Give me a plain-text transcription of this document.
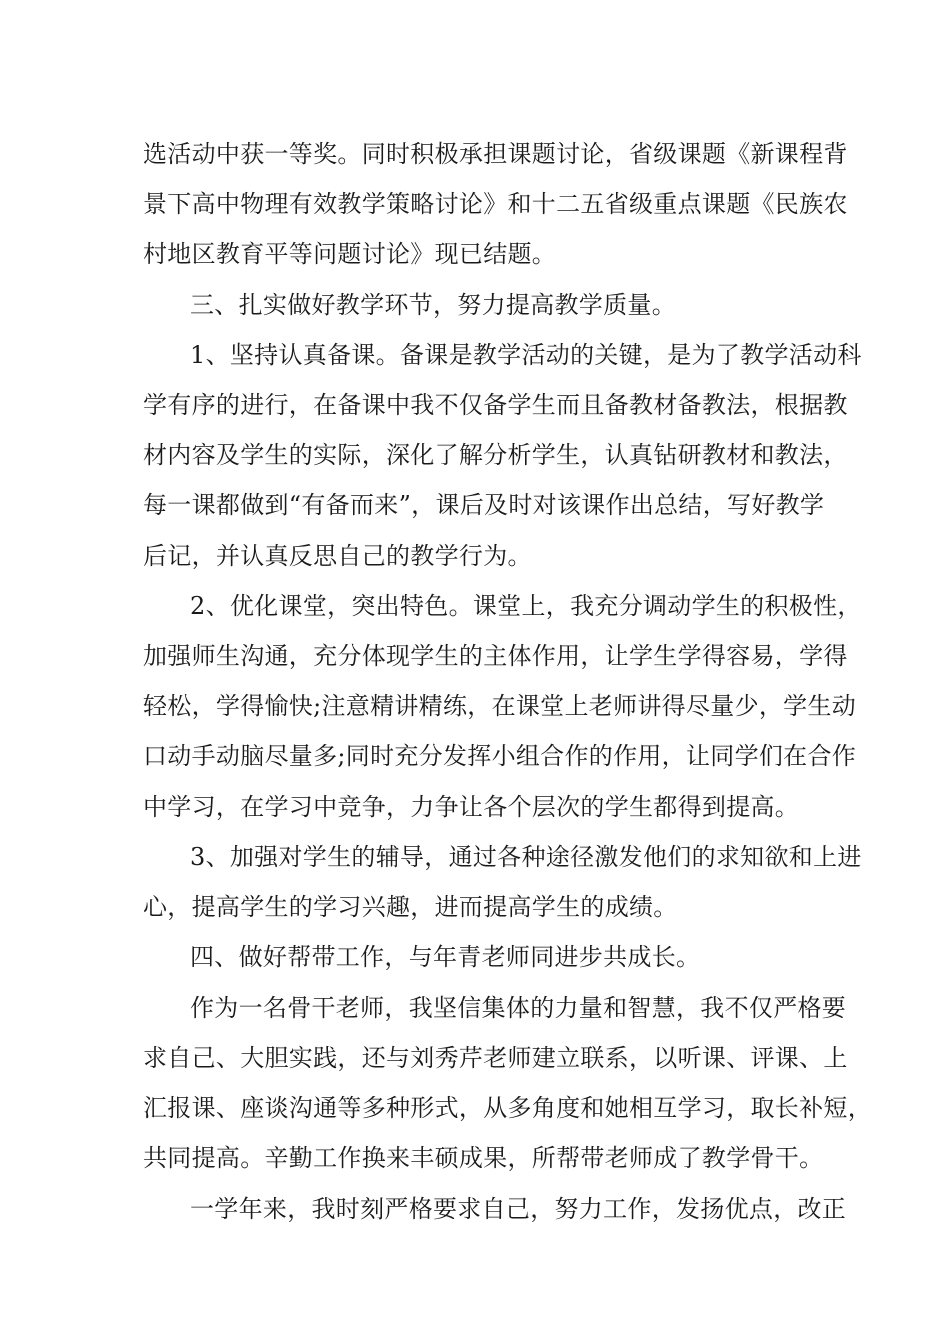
选活动中获一等奖。同时积极承担课题讨论，省级课题《新课程背
景下高中物理有效教学策略讨论》和十二五省级重点课题《民族农
村地区教育平等问题讨论》现已结题。
三、扎实做好教学环节，努力提高教学质量。
1、坚持认真备课。备课是教学活动的关键，是为了教学活动科
学有序的进行，在备课中我不仅备学生而且备教材备教法，根据教
材内容及学生的实际，深化了解分析学生，认真钻研教材和教法，
每一课都做到“有备而来”，课后及时对该课作出总结，写好教学
后记，并认真反思自己的教学行为。
2、优化课堂，突出特色。课堂上，我充分调动学生的积极性，
加强师生沟通，充分体现学生的主体作用，让学生学得容易，学得
轻松，学得愉快;注意精讲精练，在课堂上老师讲得尽量少，学生动
口动手动脑尽量多;同时充分发挥小组合作的作用，让同学们在合作
中学习，在学习中竞争，力争让各个层次的学生都得到提高。
3、加强对学生的辅导，通过各种途径激发他们的求知欲和上进
心，提高学生的学习兴趣，进而提高学生的成绩。
四、做好帮带工作，与年青老师同进步共成长。
作为一名骨干老师，我坚信集体的力量和智慧，我不仅严格要
求自己、大胆实践，还与刘秀芹老师建立联系，以听课、评课、上
汇报课、座谈沟通等多种形式，从多角度和她相互学习，取长补短，
共同提高。辛勤工作换来丰硕成果，所帮带老师成了教学骨干。
一学年来，我时刻严格要求自己，努力工作，发扬优点，改正
